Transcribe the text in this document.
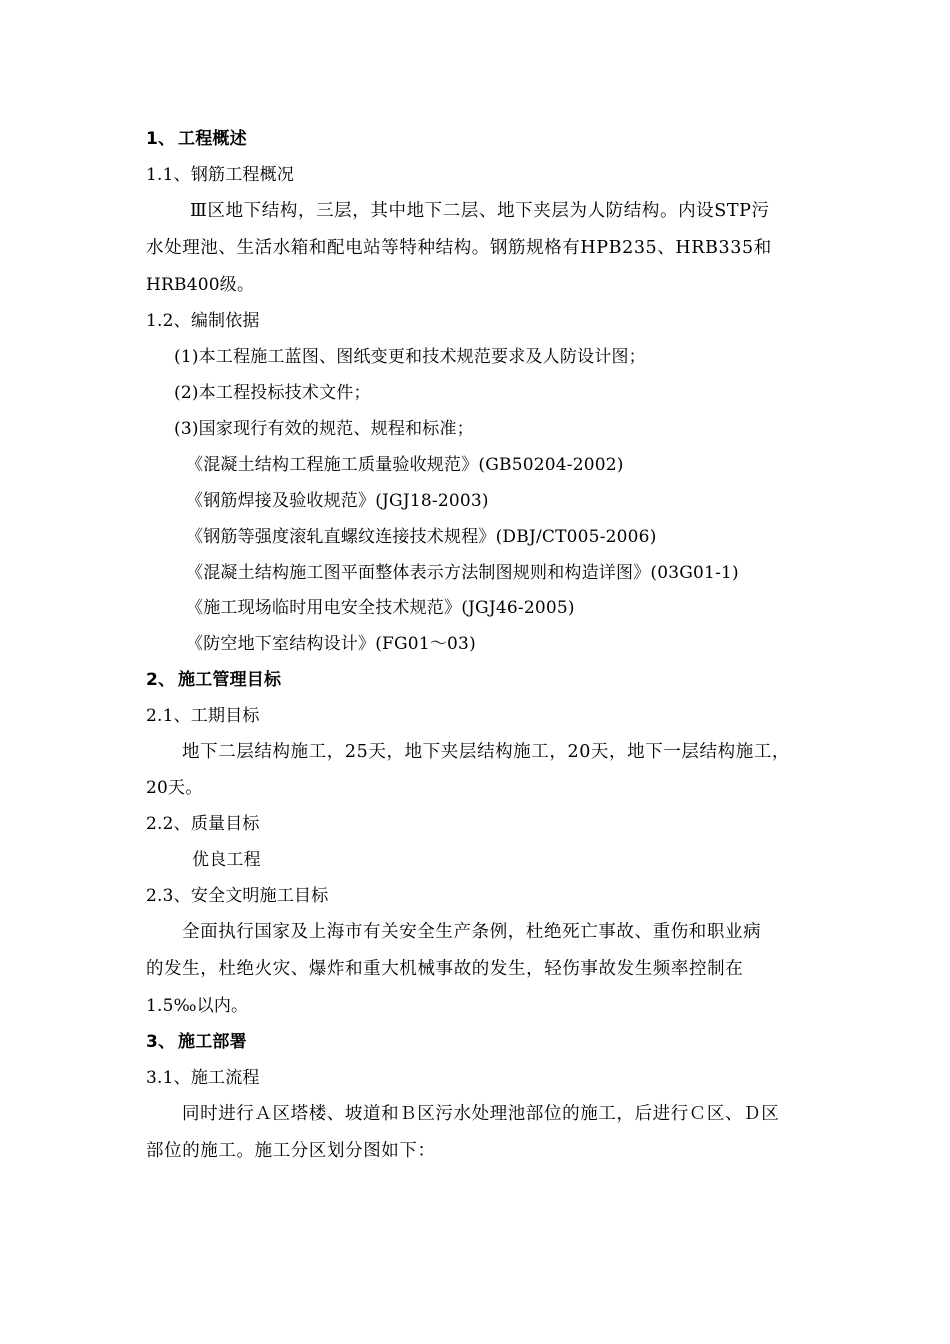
1、 工程概述
1.1、钢筋工程概况
Ⅲ区地下结构，三层，其中地下二层、地下夹层为人防结构。内设STP污
水处理池、生活水箱和配电站等特种结构。钢筋规格有HPB235、HRB335和
HRB400级。
1.2、编制依据
(1)本工程施工蓝图、图纸变更和技术规范要求及人防设计图；
(2)本工程投标技术文件；
(3)国家现行有效的规范、规程和标准；
《混凝土结构工程施工质量验收规范》(GB50204-2002)
《钢筋焊接及验收规范》(JGJ18-2003)
《钢筋等强度滚轧直螺纹连接技术规程》(DBJ/CT005-2006)
《混凝土结构施工图平面整体表示方法制图规则和构造详图》(03G01-1)
《施工现场临时用电安全技术规范》(JGJ46-2005)
《防空地下室结构设计》(FG01～03)
2、 施工管理目标
2.1、工期目标
地下二层结构施工，25天，地下夹层结构施工，20天，地下一层结构施工，
20天。
2.2、质量目标
优良工程
2.3、安全文明施工目标
全面执行国家及上海市有关安全生产条例，杜绝死亡事故、重伤和职业病
的发生，杜绝火灾、爆炸和重大机械事故的发生，轻伤事故发生频率控制在
1.5‰以内。
3、 施工部署
3.1、施工流程
同时进行Ａ区塔楼、坡道和Ｂ区污水处理池部位的施工，后进行Ｃ区、Ｄ区
部位的施工。施工分区划分图如下：
